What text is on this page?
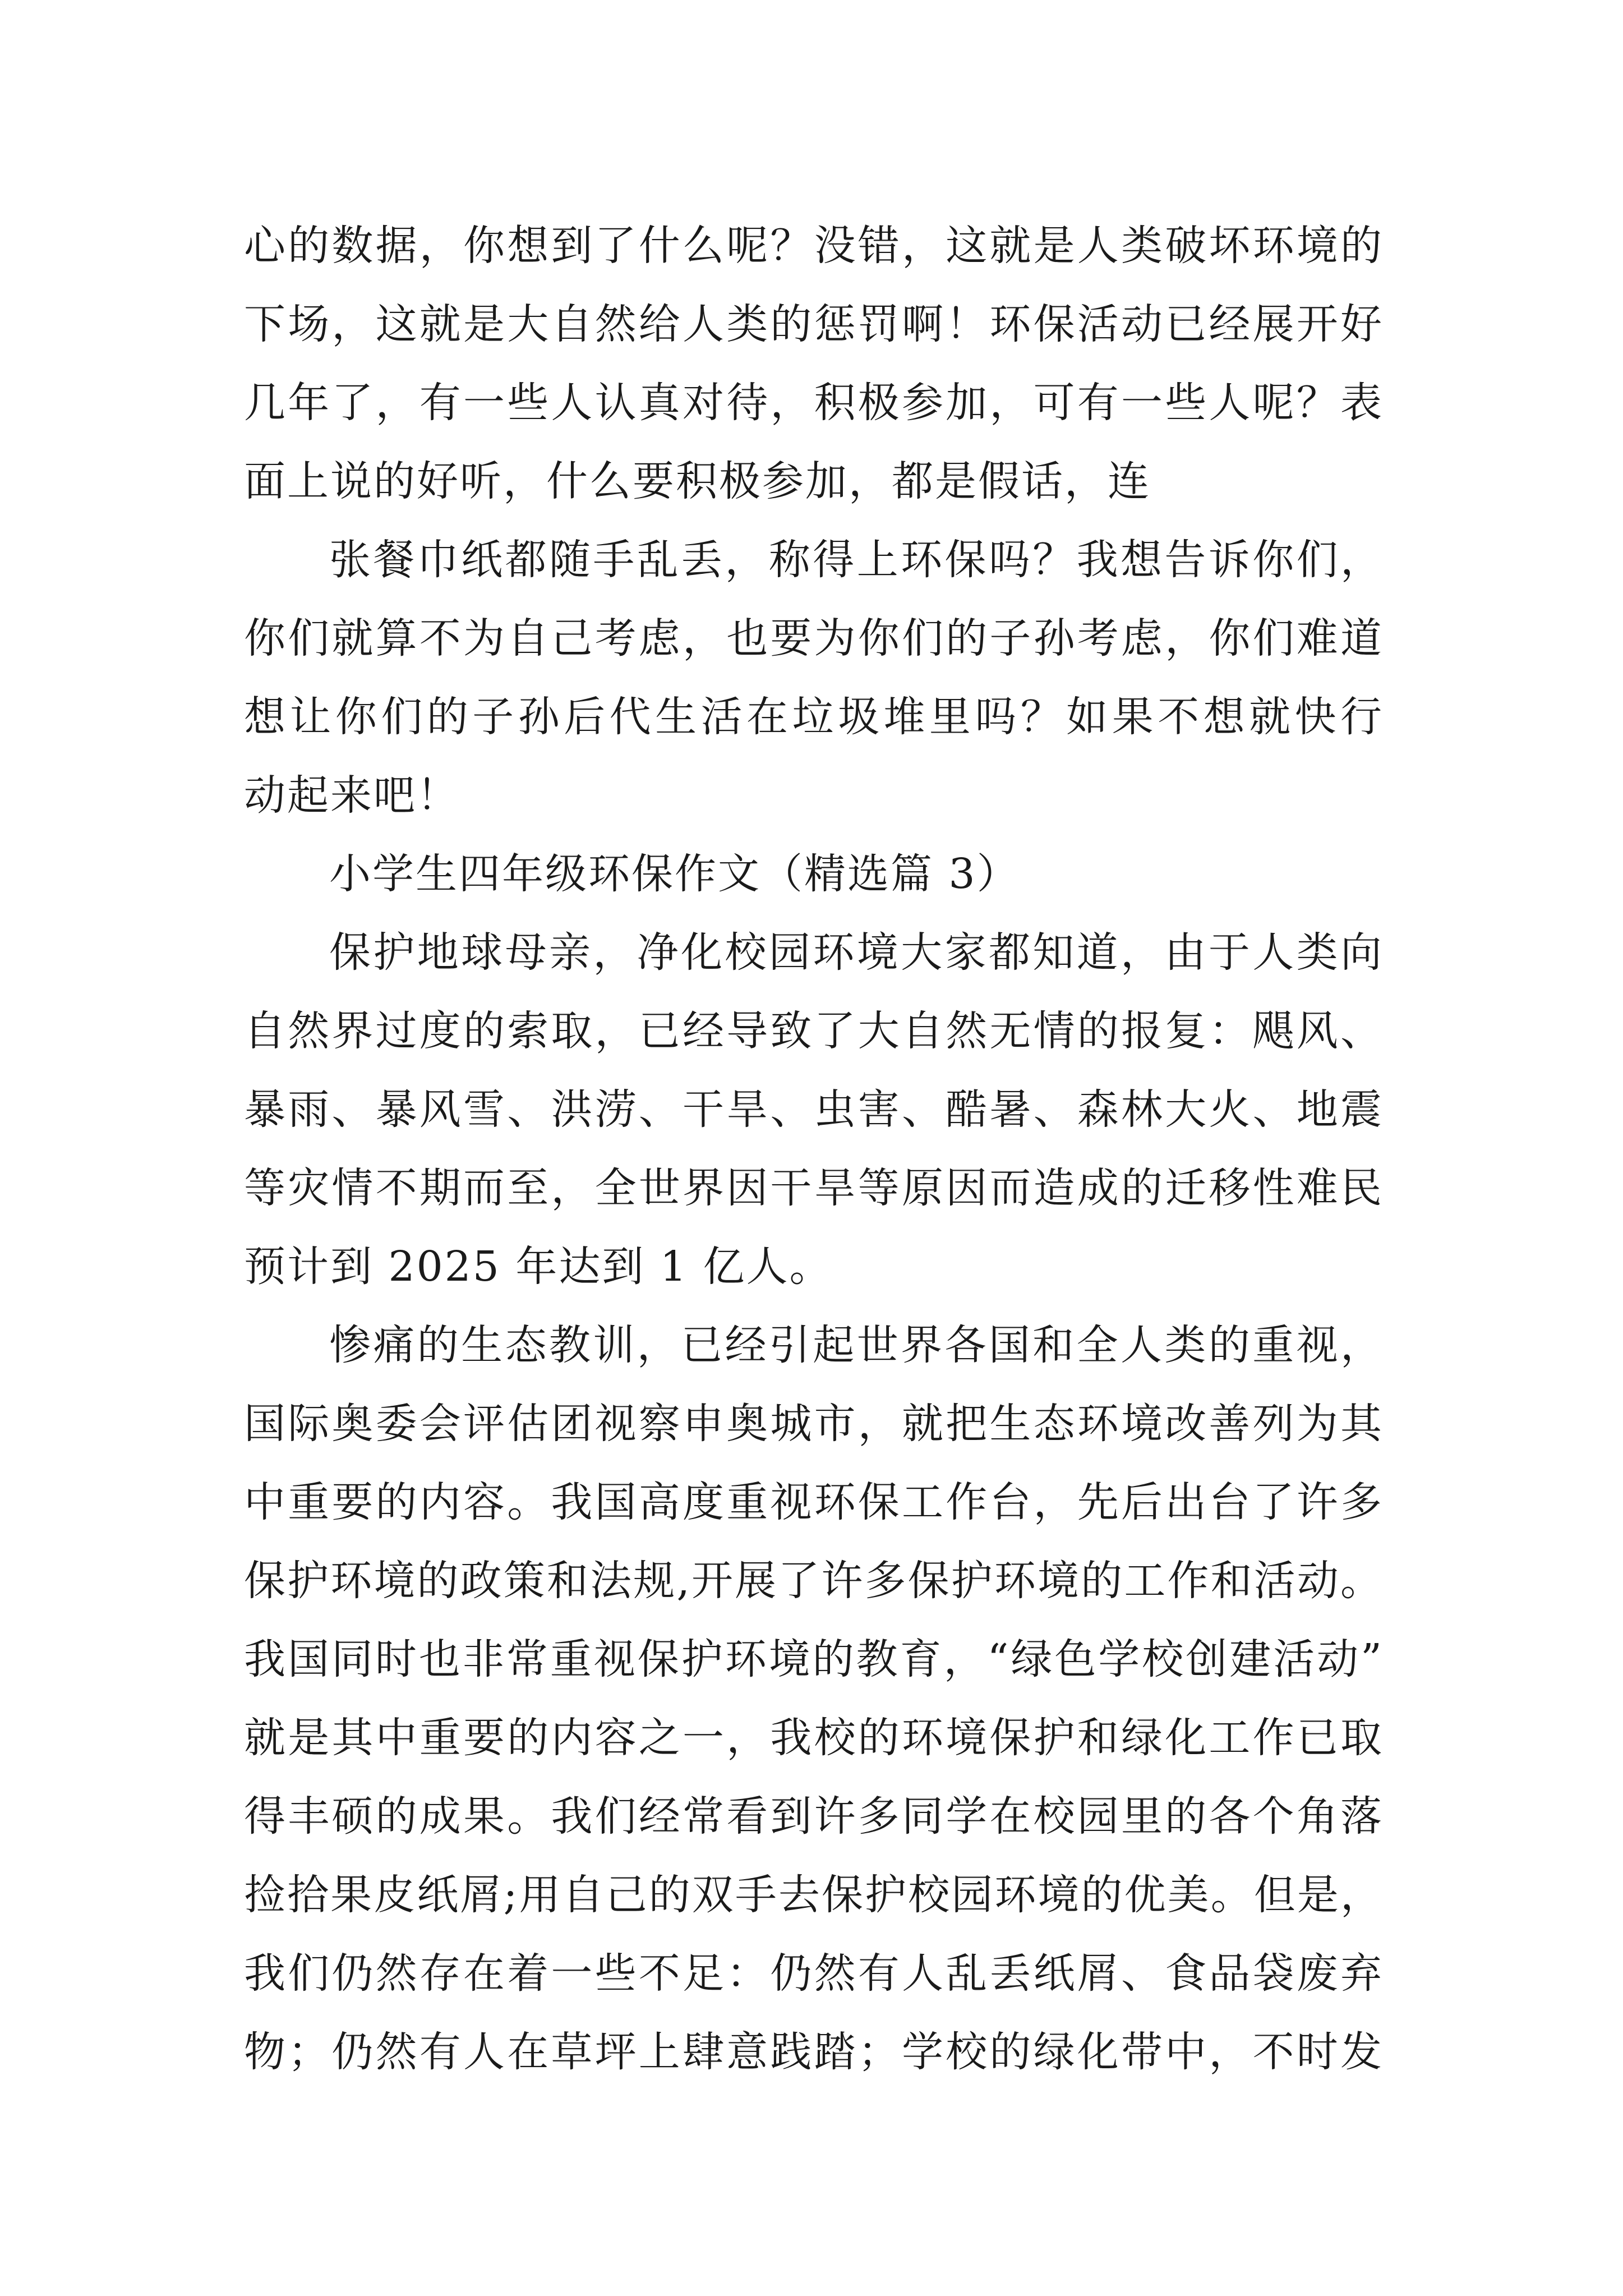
心的数据，你想到了什么呢？没错，这就是人类破坏环境的
下场，这就是大自然给人类的惩罚啊！环保活动已经展开好
几年了，有一些人认真对待，积极参加，可有一些人呢？表
面上说的好听，什么要积极参加，都是假话，连
张餐巾纸都随手乱丢，称得上环保吗？我想告诉你们，
你们就算不为自己考虑，也要为你们的子孙考虑，你们难道
想让你们的子孙后代生活在垃圾堆里吗？如果不想就快行
动起来吧！
小学生四年级环保作文（精选篇 3）
保护地球母亲，净化校园环境大家都知道，由于人类向
自然界过度的索取，已经导致了大自然无情的报复：飓风、
暴雨、暴风雪、洪涝、干旱、虫害、酷暑、森林大火、地震
等灾情不期而至，全世界因干旱等原因而造成的迁移性难民
预计到 2025 年达到 1 亿人。
惨痛的生态教训，已经引起世界各国和全人类的重视，
国际奥委会评估团视察申奥城市，就把生态环境改善列为其
中重要的内容。我国高度重视环保工作台，先后出台了许多
保护环境的政策和法规,开展了许多保护环境的工作和活动。
我国同时也非常重视保护环境的教育，“绿色学校创建活动”
就是其中重要的内容之一，我校的环境保护和绿化工作已取
得丰硕的成果。我们经常看到许多同学在校园里的各个角落
捡拾果皮纸屑;用自己的双手去保护校园环境的优美。但是，
我们仍然存在着一些不足：仍然有人乱丢纸屑、食品袋废弃
物；仍然有人在草坪上肆意践踏；学校的绿化带中，不时发
